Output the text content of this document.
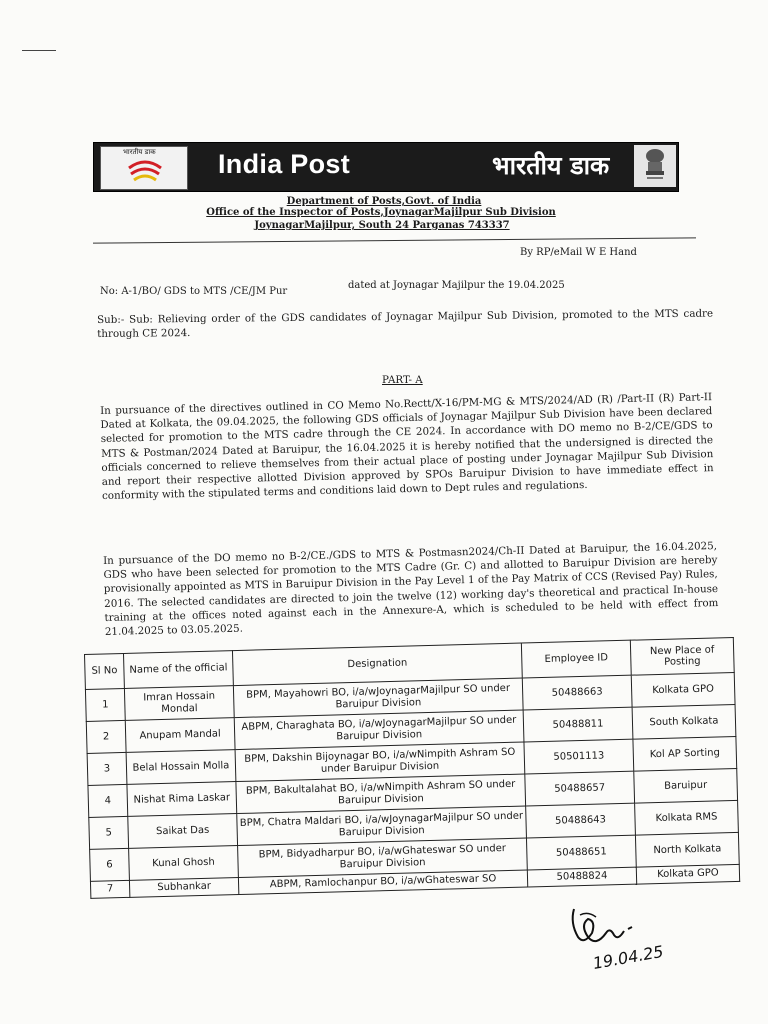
भारतीय डाक India Post	भारतीय डाक
Department of Posts,Govt. of India
Office of the Inspector of Posts,JoynagarMajilpur Sub Division
JoynagarMajilpur, South 24 Parganas 743337
By RP/eMail W E Hand
No: A-1/BO/ GDS to MTS /CE/JM Pur
dated at Joynagar Majilpur the 19.04.2025
Sub:- Sub: Relieving order of the GDS candidates of Joynagar Majilpur Sub Division, promoted to the MTS cadre through CE 2024.
PART- A
In pursuance of the directives outlined in CO Memo No.Rectt/X-16/PM-MG & MTS/2024/AD (R) /Part-II (R) Part-II Dated at Kolkata, the 09.04.2025, the following GDS officials of Joynagar Majilpur Sub Division have been declared selected for promotion to the MTS cadre through the CE 2024. In accordance with DO memo no B-2/CE/GDS to MTS & Postman/2024 Dated at Baruipur, the 16.04.2025 it is hereby notified that the undersigned is directed the officials concerned to relieve themselves from their actual place of posting under Joynagar Majilpur Sub Division and report their respective allotted Division approved by SPOs Baruipur Division to have immediate effect in conformity with the stipulated terms and conditions laid down to Dept rules and regulations.
In pursuance of the DO memo no B-2/CE./GDS to MTS & Postmasn2024/Ch-II Dated at Baruipur, the 16.04.2025, GDS who have been selected for promotion to the MTS Cadre (Gr. C) and allotted to Baruipur Division are hereby provisionally appointed as MTS in Baruipur Division in the Pay Level 1 of the Pay Matrix of CCS (Revised Pay) Rules, 2016. The selected candidates are directed to join the twelve (12) working day's theoretical and practical In-house training at the offices noted against each in the Annexure-A, which is scheduled to be held with effect from 21.04.2025 to 03.05.2025.
Sl No	Name of the official	Designation	Employee ID	New Place of Posting
1	Imran Hossain Mondal	BPM, Mayahowri BO, i/a/wJoynagarMajilpur SO under Baruipur Division	50488663	Kolkata GPO
2	Anupam Mandal	ABPM, Charaghata BO, i/a/wJoynagarMajilpur SO under Baruipur Division	50488811	South Kolkata
3	Belal Hossain Molla	BPM, Dakshin Bijoynagar BO, i/a/wNimpith Ashram SO under Baruipur Division	50501113	Kol AP Sorting
4	Nishat Rima Laskar	BPM, Bakultalahat BO, i/a/wNimpith Ashram SO under Baruipur Division	50488657	Baruipur
5	Saikat Das	BPM, Chatra Maldari BO, i/a/wJoynagarMajilpur SO under Baruipur Division	50488643	Kolkata RMS
6	Kunal Ghosh	BPM, Bidyadharpur BO, i/a/wGhateswar SO under Baruipur Division	50488651	North Kolkata
7	Subhankar	ABPM, Ramlochanpur BO, i/a/wGhateswar SO	50488824	Kolkata GPO
19.04.25
